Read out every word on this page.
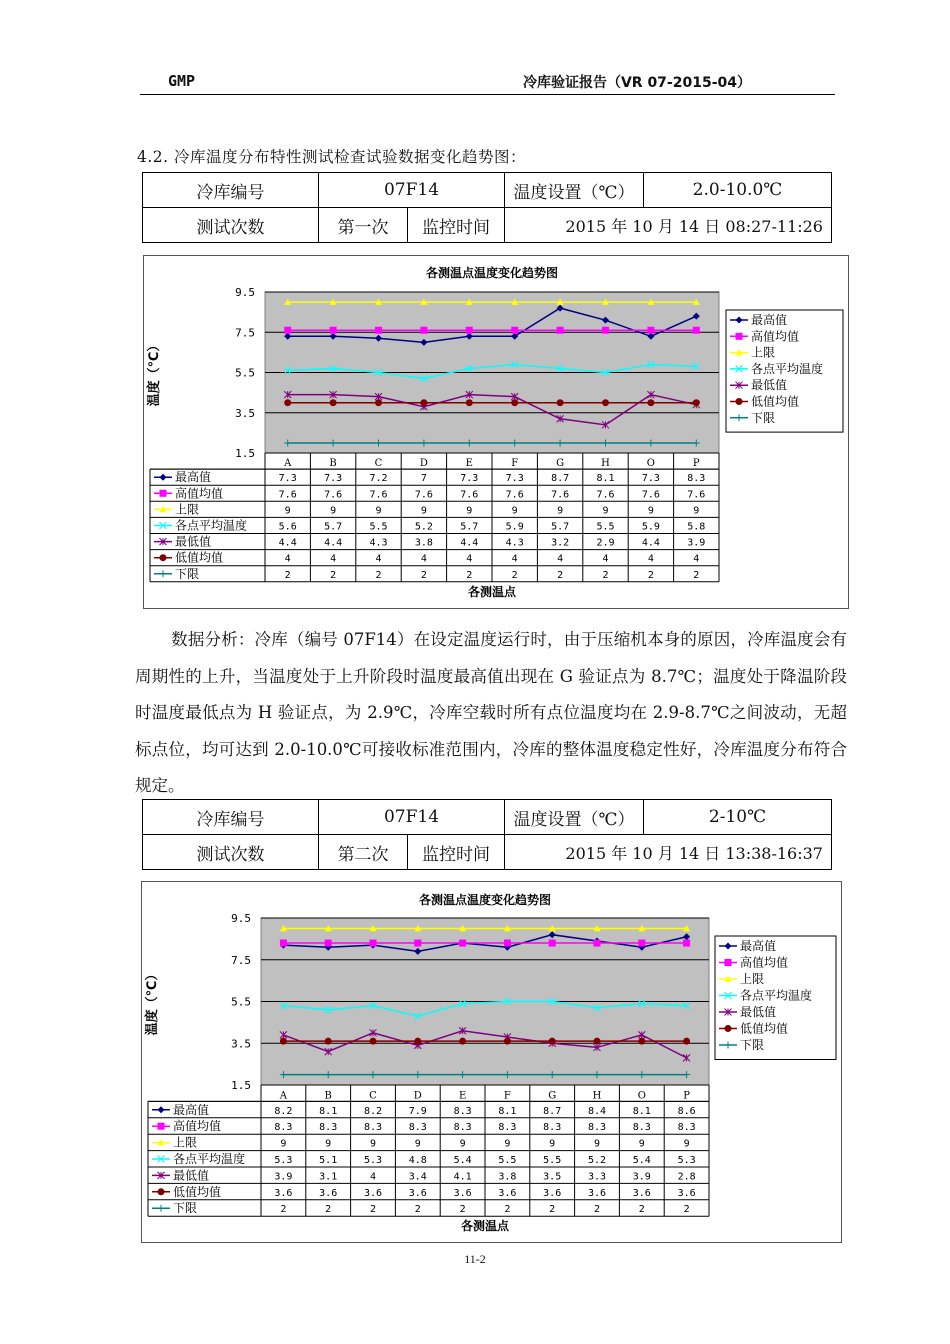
GMP	冷库验证报告（VR 07-2015-04）
4.2. 冷库温度分布特性测试检查试验数据变化趋势图：
冷库编号	07F14	温度设置（℃）	2.0-10.0℃
测试次数	第一次 监控时间	2015 年 10 月 14 日 08:27-11:26	
各测温点温度变化趋势图
9.5
7.5
5.5
3.5
1.5
温度（℃）
最高值
高值均值
上限
各点平均温度
最低值
低值均值
下限
A	B	C	D	E	F	G	H	O	P
最高值	7.3	7.3	7.2	7	7.3	7.3	8.7	8.1	7.3	8.3
高值均值	7.6	7.6	7.6	7.6	7.6	7.6	7.6	7.6	7.6	7.6
上限	9	9	9	9	9	9	9	9	9	9
各点平均温度	5.6	5.7	5.5	5.2	5.7	5.9	5.7	5.5	5.9	5.8
最低值	4.4	4.4	4.3	3.8	4.4	4.3	3.2	2.9	4.4	3.9
低值均值	4	4	4	4	4	4	4	4	4	4
下限	2	2	2	2	2	2	2	2	2	2
各测温点
数据分析：冷库（编号 07F14）在设定温度运行时，由于压缩机本身的原因，冷库温度会有周期性的上升，当温度处于上升阶段时温度最高值出现在 G 验证点为 8.7℃；温度处于降温阶段时温度最低点为 H 验证点，为 2.9℃，冷库空载时所有点位温度均在 2.9-8.7℃之间波动，无超标点位，均可达到 2.0-10.0℃可接收标准范围内，冷库的整体温度稳定性好，冷库温度分布符合规定。
冷库编号	07F14	温度设置（℃）	2-10℃
测试次数	第二次 监控时间	2015 年 10 月 14 日 13:38-16:37	
各测温点温度变化趋势图
9.5
7.5
5.5
3.5
1.5
温度（℃）
最高值
高值均值
上限
各点平均温度
最低值
低值均值
下限
A	B	C	D	E	F	G	H	O	P
最高值	8.2	8.1	8.2	7.9	8.3	8.1	8.7	8.4	8.1	8.6
高值均值	8.3	8.3	8.3	8.3	8.3	8.3	8.3	8.3	8.3	8.3
上限	9	9	9	9	9	9	9	9	9	9
各点平均温度	5.3	5.1	5.3	4.8	5.4	5.5	5.5	5.2	5.4	5.3
最低值	3.9	3.1	4	3.4	4.1	3.8	3.5	3.3	3.9	2.8
低值均值	3.6	3.6	3.6	3.6	3.6	3.6	3.6	3.6	3.6	3.6
下限	2	2	2	2	2	2	2	2	2	2
各测温点
11-2
